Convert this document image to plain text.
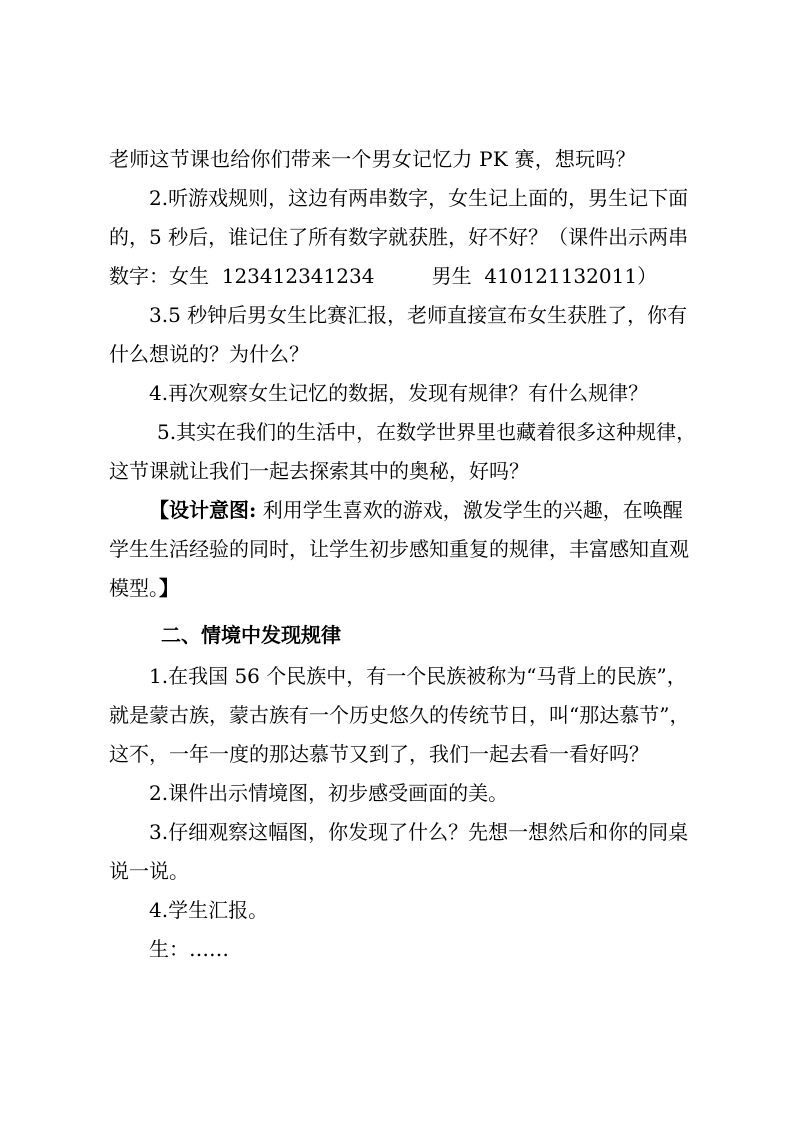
老师这节课也给你们带来一个男女记忆力 PK 赛，想玩吗？

2.听游戏规则，这边有两串数字，女生记上面的，男生记下面的，5 秒后，谁记住了所有数字就获胜，好不好？（课件出示两串数字：女生 123412341234	男生 410121132011）

3.5 秒钟后男女生比赛汇报，老师直接宣布女生获胜了，你有什么想说的？为什么？

4.再次观察女生记忆的数据，发现有规律？有什么规律？

5.其实在我们的生活中，在数学世界里也藏着很多这种规律，这节课就让我们一起去探索其中的奥秘，好吗？

【设计意图: 利用学生喜欢的游戏，激发学生的兴趣，在唤醒学生生活经验的同时，让学生初步感知重复的规律，丰富感知直观模型。】

二、情境中发现规律

1.在我国 56 个民族中，有一个民族被称为“马背上的民族”，就是蒙古族，蒙古族有一个历史悠久的传统节日，叫“那达慕节”，这不，一年一度的那达慕节又到了，我们一起去看一看好吗？

2.课件出示情境图，初步感受画面的美。

3.仔细观察这幅图，你发现了什么？先想一想然后和你的同桌说一说。

4.学生汇报。

生：……
